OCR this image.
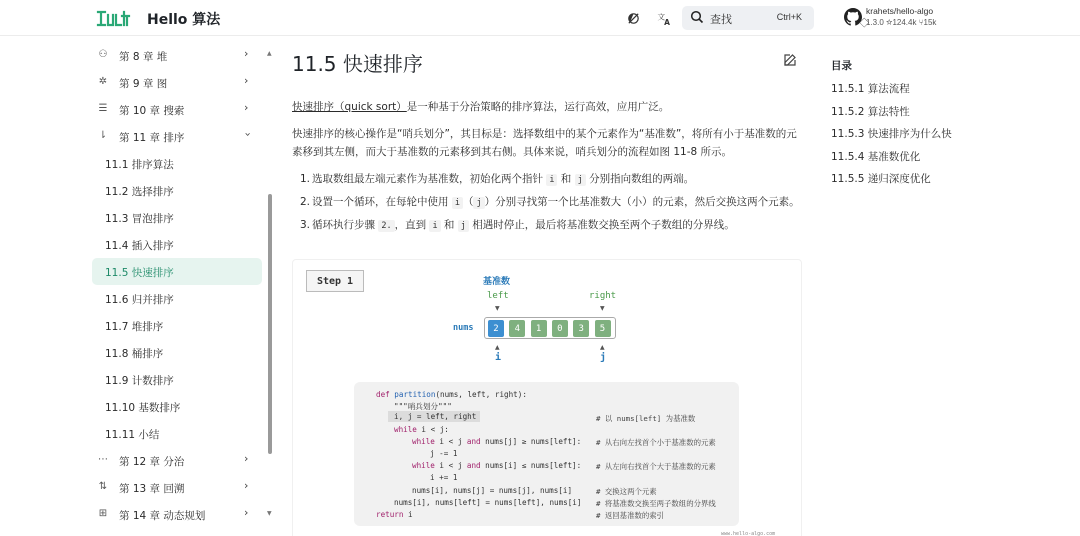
Hello 算法	文
A	查找	Ctrl+K
krahets/hello-algo
1.3.0 ☆124.4k ⑂15k
⚇ 第 8 章 堆	›
✲ 第 9 章 图	›
☰ 第 10 章 搜索	›
⇂ 第 11 章 排序	›
11.1 排序算法
11.2 选择排序
11.3 冒泡排序
11.4 插入排序
11.5 快速排序
11.6 归并排序
11.7 堆排序
11.8 桶排序
11.9 计数排序
11.10 基数排序
11.11 小结
⋯ 第 12 章 分治	›
⇅ 第 13 章 回溯	›
⊞ 第 14 章 动态规划	›
▲
▼
11.5 快速排序

快速排序（quick sort）是一种基于分治策略的排序算法，运行高效，应用广泛。

快速排序的核心操作是“哨兵划分”，其目标是：选择数组中的某个元素作为“基准数”，将所有小于基准数的元素移到其左侧，而大于基准数的元素移到其右侧。具体来说，哨兵划分的流程如图 11-8 所示。

1. 选取数组最左端元素作为基准数，初始化两个指针 i 和 j 分别指向数组的两端。
2. 设置一个循环，在每轮中使用 i （ j ）分别寻找第一个比基准数大（小）的元素，然后交换这两个元素。
3. 循环执行步骤 2. ，直到 i 和 j 相遇时停止，最后将基准数交换至两个子数组的分界线。
Step 1	基准数
left
▼
right
▼
nums	2	4	1	0	3	5
▲
i
▲
j
def partition(nums, left, right):
"""哨兵划分"""
i, j = left, right
while i < j:
while i < j and nums[j] ≥ nums[left]:
j -= 1
while i < j and nums[i] ≤ nums[left]:
i += 1
nums[i], nums[j] = nums[j], nums[i]
nums[i], nums[left] = nums[left], nums[i]
return i
# 以 nums[left] 为基准数
# 从右向左找首个小于基准数的元素
# 从左向右找首个大于基准数的元素
# 交换这两个元素
# 将基准数交换至两子数组的分界线
# 返回基准数的索引
www.hello-algo.com
目录
11.5.1 算法流程
11.5.2 算法特性
11.5.3 快速排序为什么快
11.5.4 基准数优化
11.5.5 递归深度优化
